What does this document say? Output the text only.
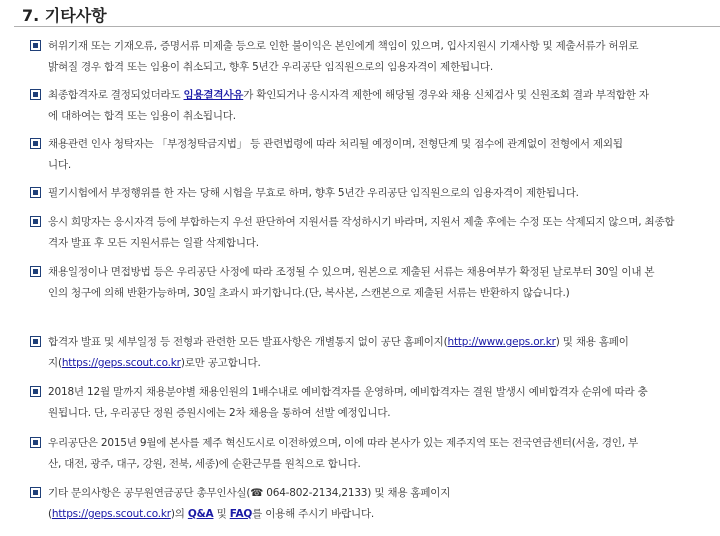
7. 기타사항
허위기재 또는 기재오류, 증명서류 미제출 등으로 인한 불이익은 본인에게 책임이 있으며, 입사지원시 기재사항 및 제출서류가 허위로 밝혀질 경우 합격 또는 임용이 취소되고, 향후 5년간 우리공단 임직원으로의 임용자격이 제한됩니다.
최종합격자로 결정되었더라도 임용결격사유가 확인되거나 응시자격 제한에 해당될 경우와 채용 신체검사 및 신원조회 결과 부적합한 자에 대하여는 합격 또는 임용이 취소됩니다.
채용관련 인사 청탁자는 「부정청탁금지법」 등 관련법령에 따라 처리될 예정이며, 전형단계 및 점수에 관계없이 전형에서 제외됩니다.
필기시험에서 부정행위를 한 자는 당해 시험을 무효로 하며, 향후 5년간 우리공단 임직원으로의 임용자격이 제한됩니다.
응시 희망자는 응시자격 등에 부합하는지 우선 판단하여 지원서를 작성하시기 바라며, 지원서 제출 후에는 수정 또는 삭제되지 않으며, 최종합격자 발표 후 모든 지원서류는 일괄 삭제합니다.
채용일정이나 면접방법 등은 우리공단 사정에 따라 조정될 수 있으며, 원본으로 제출된 서류는 채용여부가 확정된 날로부터 30일 이내 본인의 청구에 의해 반환가능하며, 30일 초과시 파기합니다.(단, 복사본, 스캔본으로 제출된 서류는 반환하지 않습니다.)
합격자 발표 및 세부일정 등 전형과 관련한 모든 발표사항은 개별통지 없이 공단 홈페이지(http://www.geps.or.kr) 및 채용 홈페이지(https://geps.scout.co.kr)로만 공고합니다.
2018년 12월 말까지 채용분야별 채용인원의 1배수내로 예비합격자를 운영하며, 예비합격자는 결원 발생시 예비합격자 순위에 따라 충원됩니다. 단, 우리공단 정원 증원시에는 2차 채용을 통하여 선발 예정입니다.
우리공단은 2015년 9월에 본사를 제주 혁신도시로 이전하였으며, 이에 따라 본사가 있는 제주지역 또는 전국연금센터(서울, 경인, 부산, 대전, 광주, 대구, 강원, 전북, 세종)에 순환근무를 원칙으로 합니다.
기타 문의사항은 공무원연금공단 총무인사실(☎ 064-802-2134,2133) 및 채용 홈페이지(https://geps.scout.co.kr)의 Q&A 및 FAQ를 이용해 주시기 바랍니다.
